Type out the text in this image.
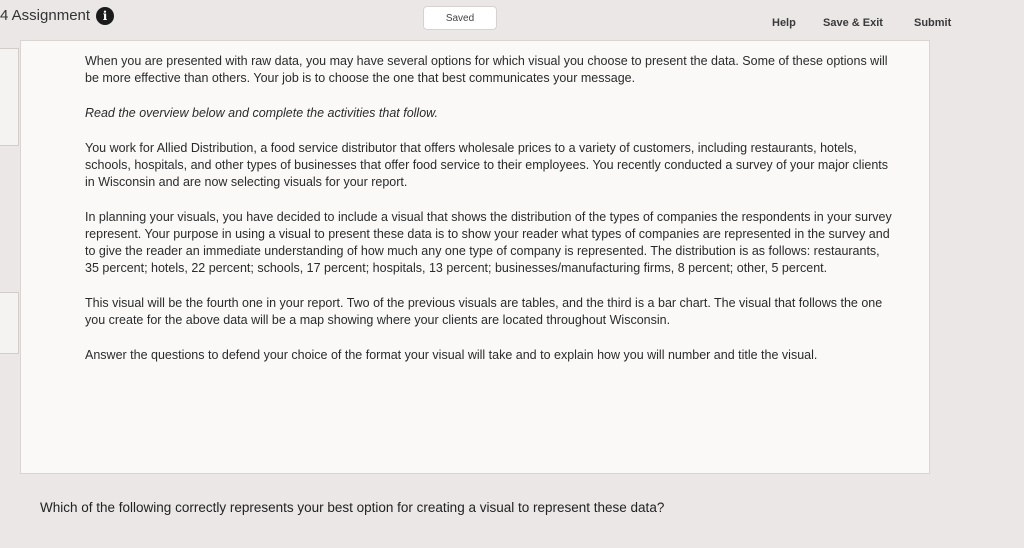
4 Assignment	i	Saved	Help Save & Exit	Submit

When you are presented with raw data, you may have several options for which visual you choose to present the data. Some of these options will be more effective than others. Your job is to choose the one that best communicates your message.

Read the overview below and complete the activities that follow.

You work for Allied Distribution, a food service distributor that offers wholesale prices to a variety of customers, including restaurants, hotels, schools, hospitals, and other types of businesses that offer food service to their employees. You recently conducted a survey of your major clients in Wisconsin and are now selecting visuals for your report.

In planning your visuals, you have decided to include a visual that shows the distribution of the types of companies the respondents in your survey represent. Your purpose in using a visual to present these data is to show your reader what types of companies are represented in the survey and to give the reader an immediate understanding of how much any one type of company is represented. The distribution is as follows: restaurants, 35 percent; hotels, 22 percent; schools, 17 percent; hospitals, 13 percent; businesses/manufacturing firms, 8 percent; other, 5 percent.

This visual will be the fourth one in your report. Two of the previous visuals are tables, and the third is a bar chart. The visual that follows the one you create for the above data will be a map showing where your clients are located throughout Wisconsin.

Answer the questions to defend your choice of the format your visual will take and to explain how you will number and title the visual.

Which of the following correctly represents your best option for creating a visual to represent these data?
